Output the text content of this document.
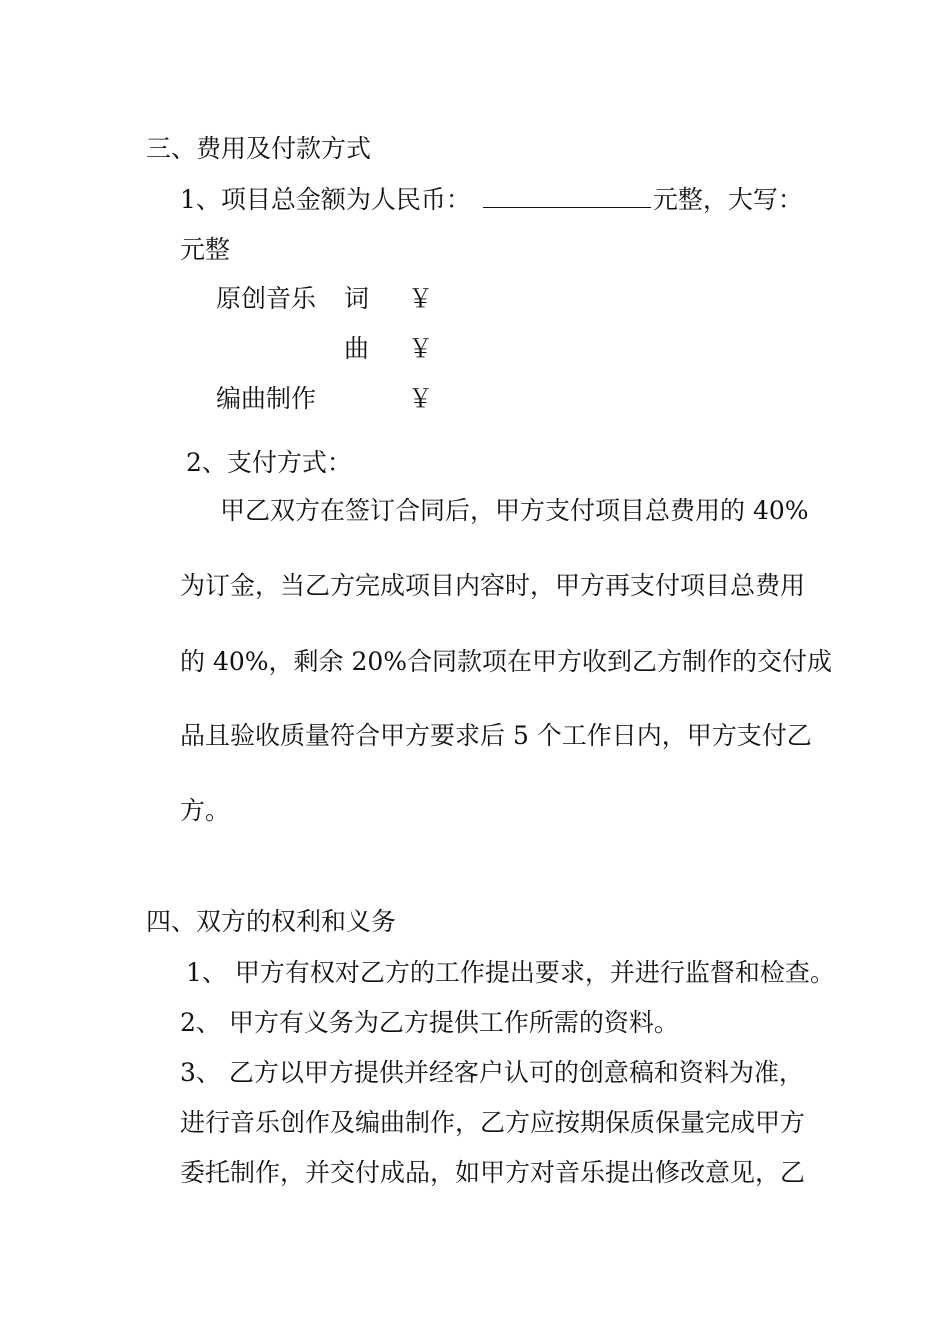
三、费用及付款方式

1、项目总金额为人民币：	元整，大写：

元整

原创音乐 词 ￥
曲 ￥
编曲制作	￥

2、支付方式：

甲乙双方在签订合同后，甲方支付项目总费用的 40%

为订金，当乙方完成项目内容时，甲方再支付项目总费用

的 40%，剩余 20%合同款项在甲方收到乙方制作的交付成

品且验收质量符合甲方要求后 5 个工作日内，甲方支付乙

方。

四、双方的权利和义务

1、 甲方有权对乙方的工作提出要求，并进行监督和检查。

2、 甲方有义务为乙方提供工作所需的资料。

3、 乙方以甲方提供并经客户认可的创意稿和资料为准，

进行音乐创作及编曲制作，乙方应按期保质保量完成甲方

委托制作，并交付成品，如甲方对音乐提出修改意见，乙
